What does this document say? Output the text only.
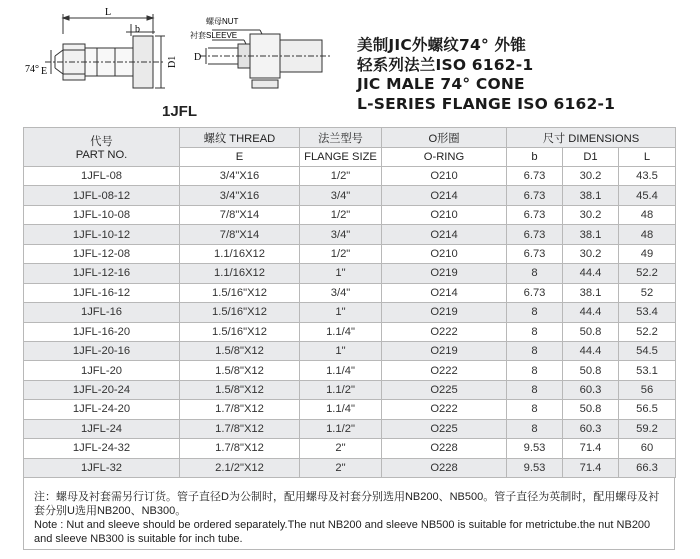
L
b
D1
E
74°
螺母NUT
衬套SLEEVE
D
1JFL
美制JIC外螺纹74° 外锥
轻系列法兰ISO 6162-1
JIC MALE 74° CONE
L-SERIES FLANGE ISO 6162-1
代号
PART NO.	螺纹 THREAD	法兰型号	O形圈	尺寸 DIMENSIONS		
	E	FLANGE SIZE	O-RING	b	D1	L
1JFL-08	3/4"X16	1/2"	O210	6.73	30.2	43.5
1JFL-08-12	3/4"X16	3/4"	O214	6.73	38.1	45.4
1JFL-10-08	7/8"X14	1/2"	O210	6.73	30.2	48
1JFL-10-12	7/8"X14	3/4"	O214	6.73	38.1	48
1JFL-12-08	1.1/16X12	1/2"	O210	6.73	30.2	49
1JFL-12-16	1.1/16X12	1"	O219	8	44.4	52.2
1JFL-16-12	1.5/16"X12	3/4"	O214	6.73	38.1	52
1JFL-16	1.5/16"X12	1"	O219	8	44.4	53.4
1JFL-16-20	1.5/16"X12	1.1/4"	O222	8	50.8	52.2
1JFL-20-16	1.5/8"X12	1"	O219	8	44.4	54.5
1JFL-20	1.5/8"X12	1.1/4"	O222	8	50.8	53.1
1JFL-20-24	1.5/8"X12	1.1/2"	O225	8	60.3	56
1JFL-24-20	1.7/8"X12	1.1/4"	O222	8	50.8	56.5
1JFL-24	1.7/8"X12	1.1/2"	O225	8	60.3	59.2
1JFL-24-32	1.7/8"X12	2"	O228	9.53	71.4	60
1JFL-32	2.1/2"X12	2"	O228	9.53	71.4	66.3

注：螺母及衬套需另行订货。管子直径D为公制时，配用螺母及衬套分别选用NB200、NB500。管子直径为英制时，配用螺母及衬套分别U选用NB200、NB300。

Note : Nut and sleeve should be ordered separately.The nut NB200 and sleeve NB500 is suitable for metrictube.the nut NB200 and sleeve NB300 is suitable for inch tube.
